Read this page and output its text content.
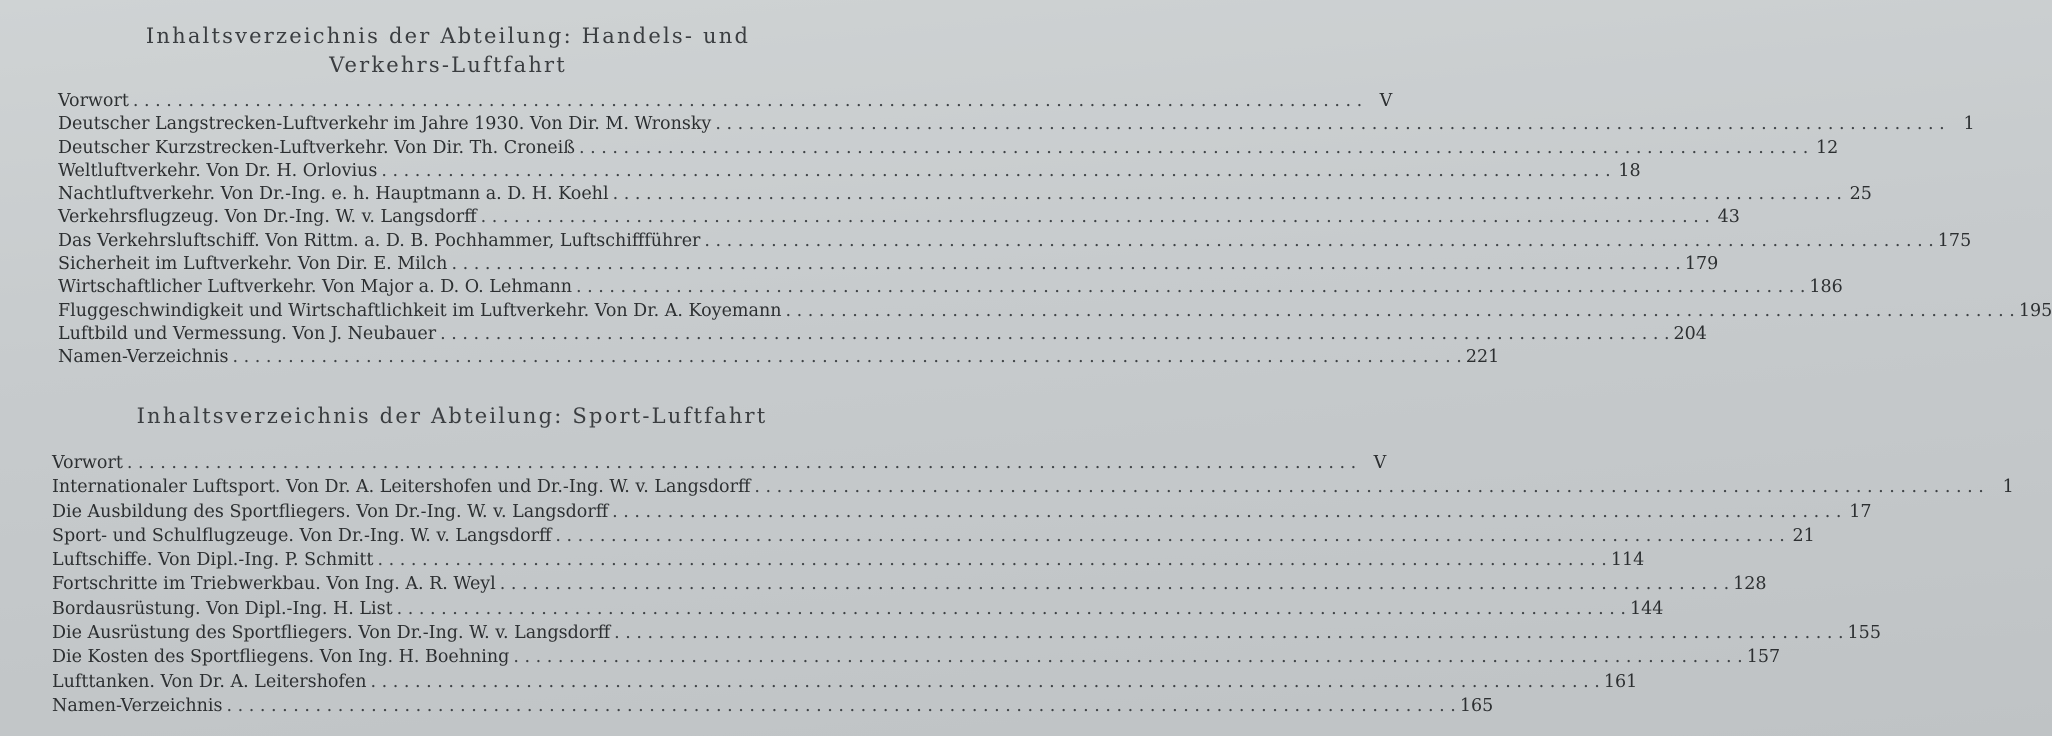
Inhaltsverzeichnis der Abteilung: Handels- und
Verkehrs-Luftfahrt
Vorwort . . .	V
Deutscher Langstrecken-Luftverkehr im Jahre 1930. Von Dir. M. Wronsky . . .	1
Deutscher Kurzstrecken-Luftverkehr. Von Dir. Th. Croneiß . . .	12
Weltluftverkehr. Von Dr. H. Orlovius . . .	18
Nachtluftverkehr. Von Dr.-Ing. e. h. Hauptmann a. D. H. Koehl . . .	25
Verkehrsflugzeug. Von Dr.-Ing. W. v. Langsdorff . . .	43
Das Verkehrsluftschiff. Von Rittm. a. D. B. Pochhammer, Luftschiffführer . . .	175
Sicherheit im Luftverkehr. Von Dir. E. Milch . . .	179
Wirtschaftlicher Luftverkehr. Von Major a. D. O. Lehmann . . .	186
Fluggeschwindigkeit und Wirtschaftlichkeit im Luftverkehr. Von Dr. A. Koyemann . . .	195
Luftbild und Vermessung. Von J. Neubauer . . .	204
Namen-Verzeichnis . . .	221
Inhaltsverzeichnis der Abteilung: Sport-Luftfahrt
Vorwort . . .	V
Internationaler Luftsport. Von Dr. A. Leitershofen und Dr.-Ing. W. v. Langsdorff . . .	1
Die Ausbildung des Sportfliegers. Von Dr.-Ing. W. v. Langsdorff . . .	17
Sport- und Schulflugzeuge. Von Dr.-Ing. W. v. Langsdorff . . .	21
Luftschiffe. Von Dipl.-Ing. P. Schmitt . . .	114
Fortschritte im Triebwerkbau. Von Ing. A. R. Weyl . . .	128
Bordausrüstung. Von Dipl.-Ing. H. List . . .	144
Die Ausrüstung des Sportfliegers. Von Dr.-Ing. W. v. Langsdorff . . .	155
Die Kosten des Sportfliegens. Von Ing. H. Boehning . . .	157
Lufttanken. Von Dr. A. Leitershofen . . .	161
Namen-Verzeichnis . . .	165
